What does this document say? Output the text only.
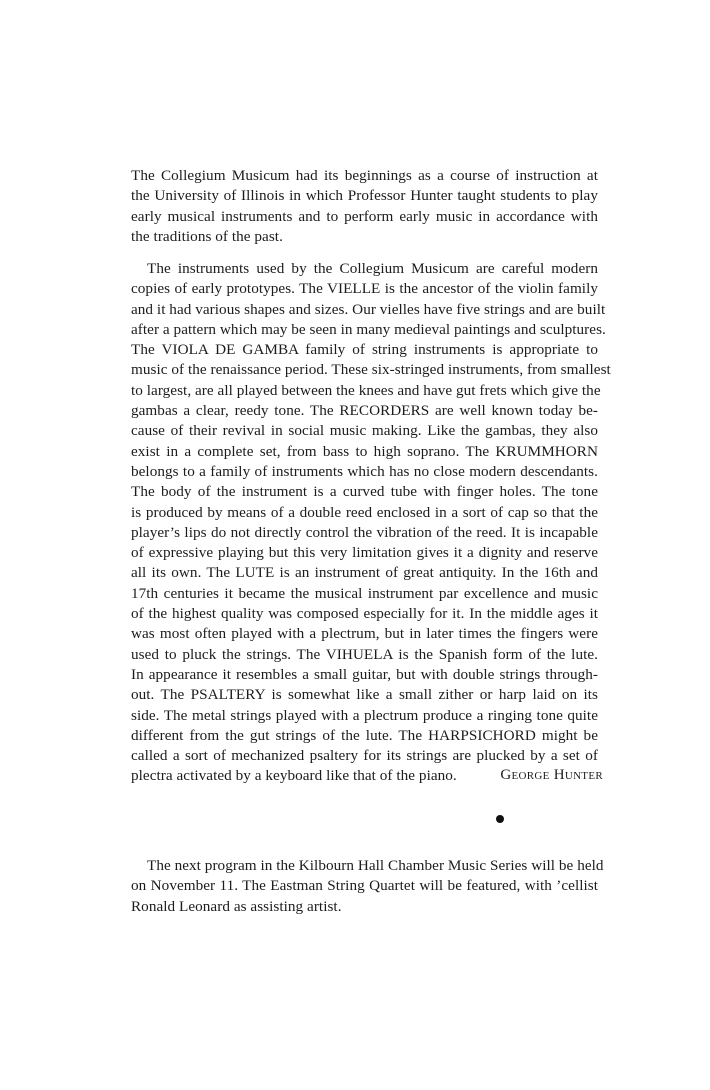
The Collegium Musicum had its beginnings as a course of instruction at
the University of Illinois in which Professor Hunter taught students to play
early musical instruments and to perform early music in accordance with
the traditions of the past.

The instruments used by the Collegium Musicum are careful modern
copies of early prototypes. The VIELLE is the ancestor of the violin family
and it had various shapes and sizes. Our vielles have five strings and are built
after a pattern which may be seen in many medieval paintings and sculptures.
The VIOLA DE GAMBA family of string instruments is appropriate to
music of the renaissance period. These six-stringed instruments, from smallest
to largest, are all played between the knees and have gut frets which give the
gambas a clear, reedy tone. The RECORDERS are well known today be-
cause of their revival in social music making. Like the gambas, they also
exist in a complete set, from bass to high soprano. The KRUMMHORN
belongs to a family of instruments which has no close modern descendants.
The body of the instrument is a curved tube with finger holes. The tone
is produced by means of a double reed enclosed in a sort of cap so that the
player’s lips do not directly control the vibration of the reed. It is incapable
of expressive playing but this very limitation gives it a dignity and reserve
all its own. The LUTE is an instrument of great antiquity. In the 16th and
17th centuries it became the musical instrument par excellence and music
of the highest quality was composed especially for it. In the middle ages it
was most often played with a plectrum, but in later times the fingers were
used to pluck the strings. The VIHUELA is the Spanish form of the lute.
In appearance it resembles a small guitar, but with double strings through-
out. The PSALTERY is somewhat like a small zither or harp laid on its
side. The metal strings played with a plectrum produce a ringing tone quite
different from the gut strings of the lute. The HARPSICHORD might be
called a sort of mechanized psaltery for its strings are plucked by a set of
plectra activated by a keyboard like that of the piano.	George Hunter

The next program in the Kilbourn Hall Chamber Music Series will be held
on November 11. The Eastman String Quartet will be featured, with ’cellist
Ronald Leonard as assisting artist.
